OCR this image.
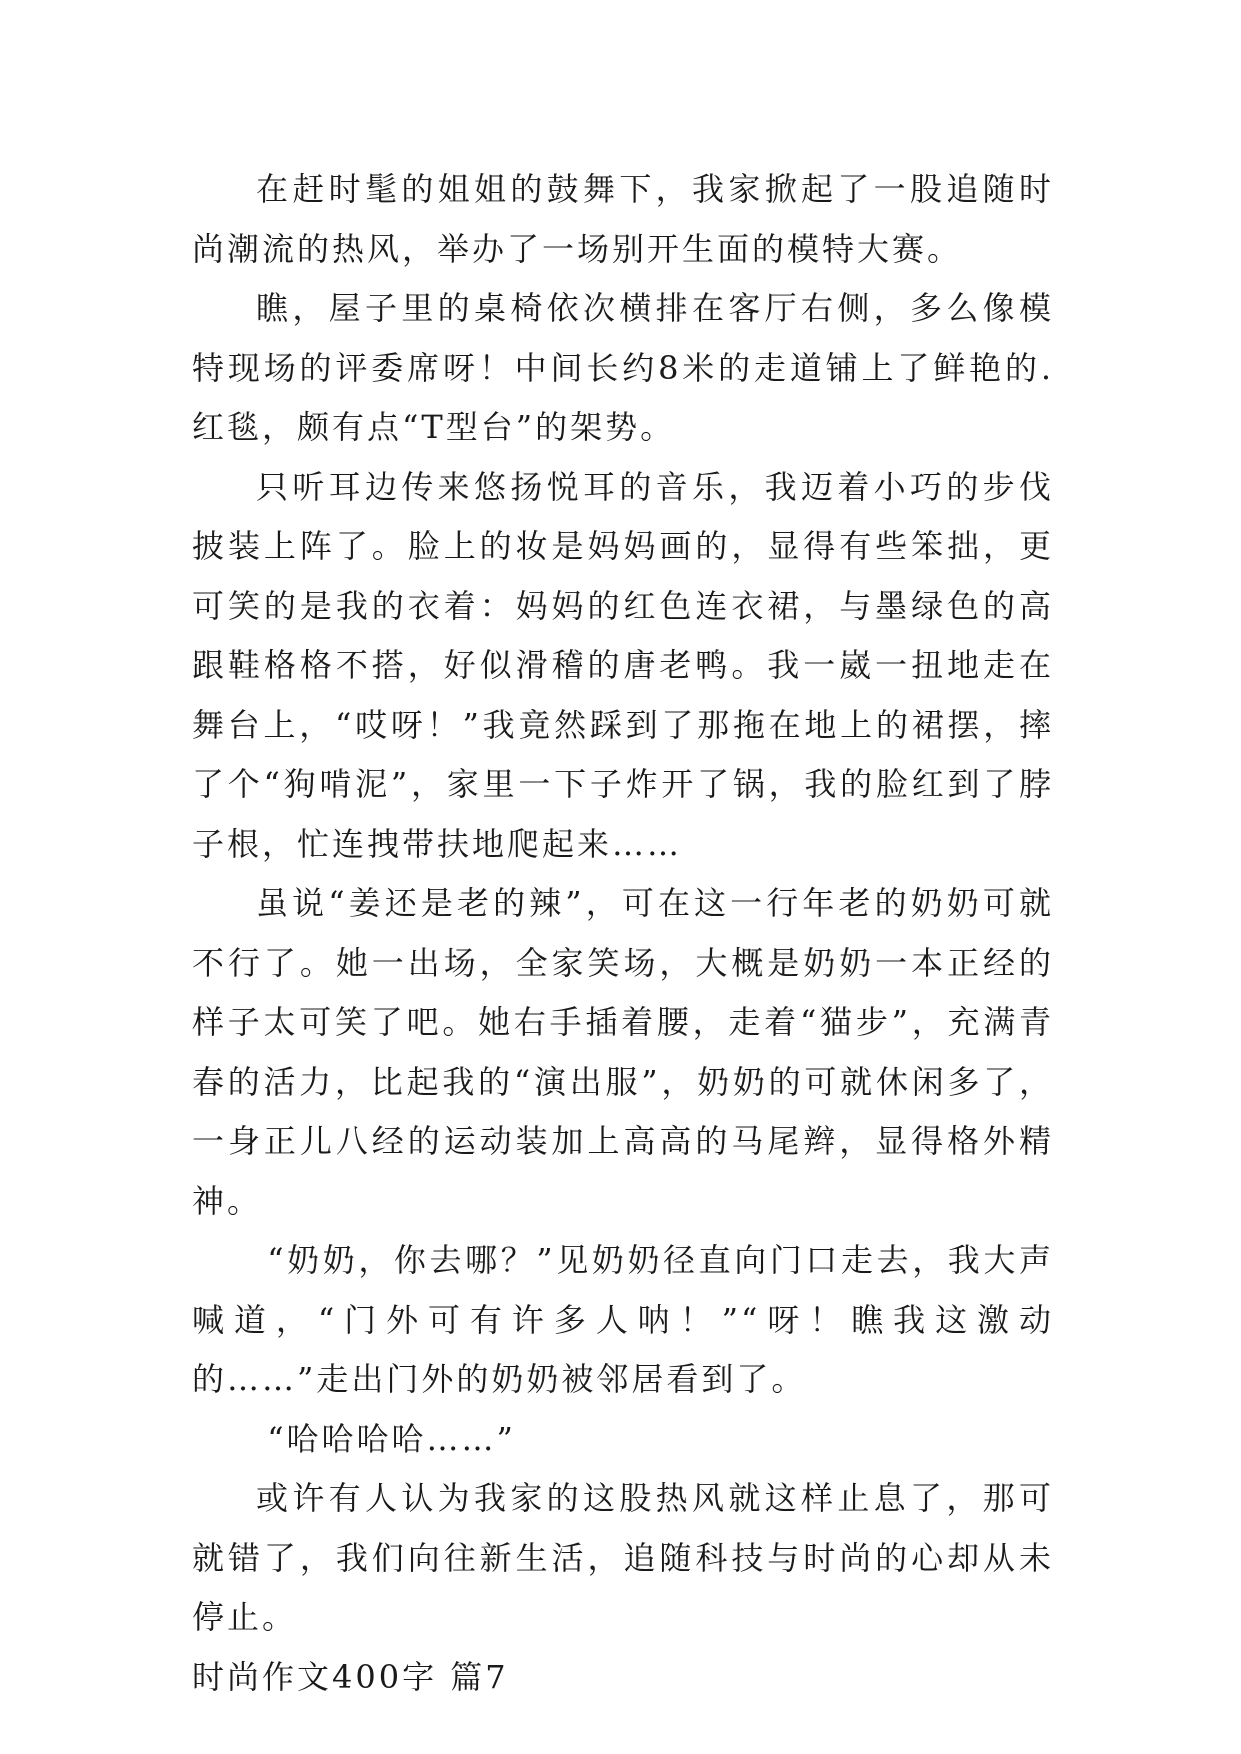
在赶时髦的姐姐的鼓舞下，我家掀起了一股追随时尚潮流的热风，举办了一场别开生面的模特大赛。

瞧，屋子里的桌椅依次横排在客厅右侧，多么像模特现场的评委席呀！中间长约8米的走道铺上了鲜艳的.红毯，颇有点“T型台”的架势。

只听耳边传来悠扬悦耳的音乐，我迈着小巧的步伐披装上阵了。脸上的妆是妈妈画的，显得有些笨拙，更可笑的是我的衣着：妈妈的红色连衣裙，与墨绿色的高跟鞋格格不搭，好似滑稽的唐老鸭。我一崴一扭地走在舞台上，“哎呀！”我竟然踩到了那拖在地上的裙摆，摔了个“狗啃泥”，家里一下子炸开了锅，我的脸红到了脖子根，忙连拽带扶地爬起来……

虽说“姜还是老的辣”，可在这一行年老的奶奶可就不行了。她一出场，全家笑场，大概是奶奶一本正经的样子太可笑了吧。她右手插着腰，走着“猫步”，充满青春的活力，比起我的“演出服”，奶奶的可就休闲多了，一身正儿八经的运动装加上高高的马尾辫，显得格外精神。

“奶奶，你去哪？”见奶奶径直向门口走去，我大声喊道，“门外可有许多人呐！”“呀！瞧我这激动的……”走出门外的奶奶被邻居看到了。

“哈哈哈哈……”

或许有人认为我家的这股热风就这样止息了，那可就错了，我们向往新生活，追随科技与时尚的心却从未停止。

时尚作文400字 篇7
